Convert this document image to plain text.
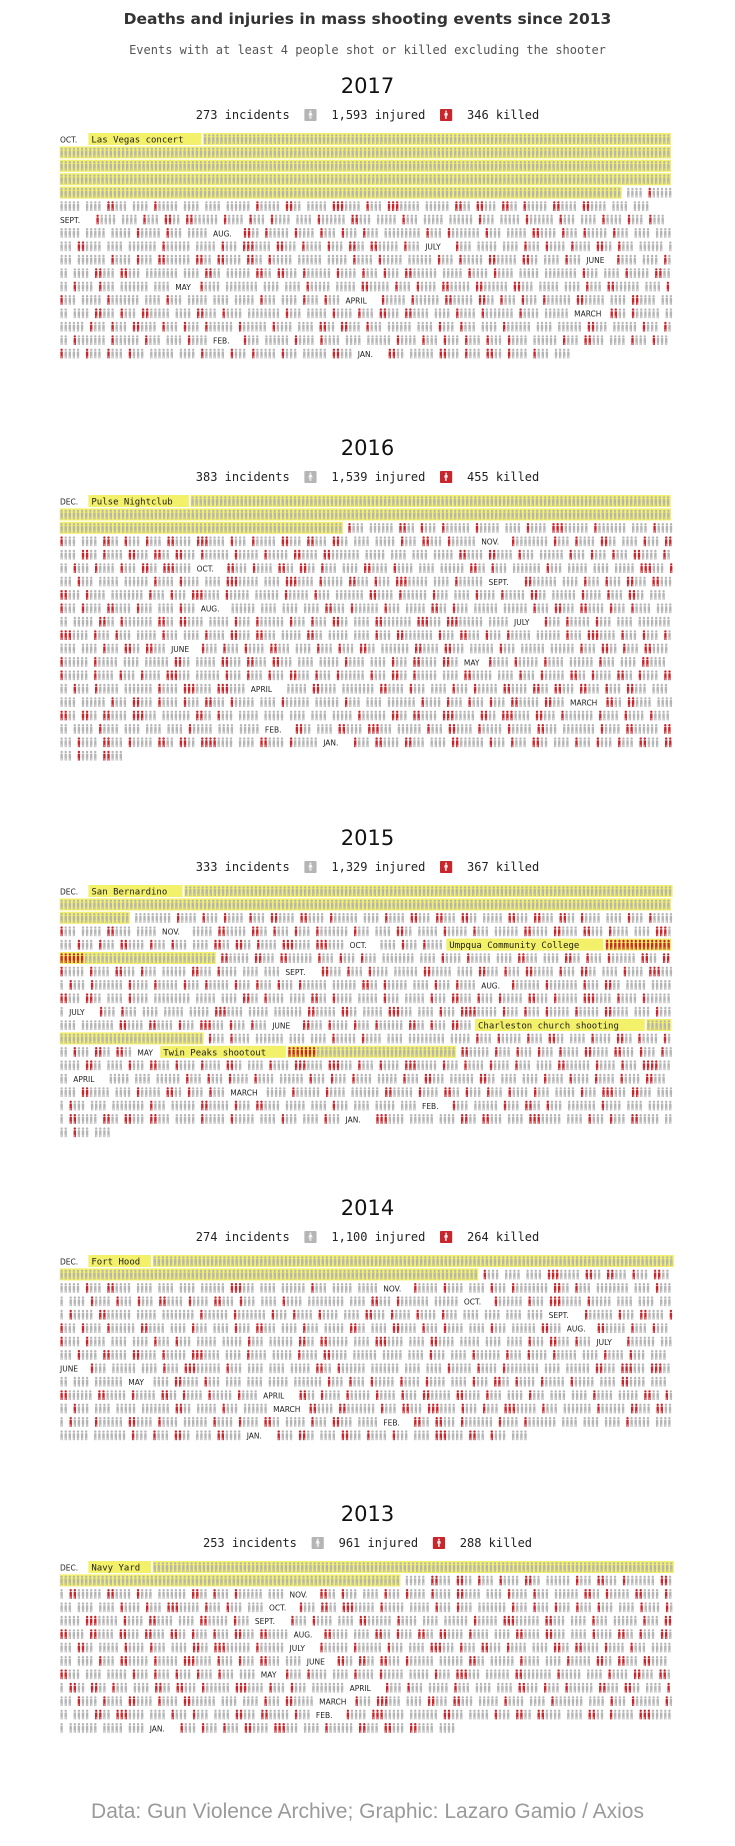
Deaths and injuries in mass shooting events since 2013
Events with at least 4 people shot or killed excluding the shooter
2017
273 incidents 🚹︎ 1,593 injured 🚹︎ 346 killed
OCT. Las Vegas concert
SEPT.
AUG.
JULY
JUNE
MAY
APRIL
MARCH
FEB.
JAN.
2016
383 incidents 🚹︎ 1,539 injured 🚹︎ 455 killed
DEC. Pulse Nightclub
NOV.
OCT.
SEPT.
AUG.
JULY
JUNE
MAY
APRIL
MARCH
FEB.
JAN.
2015
333 incidents 🚹︎ 1,329 injured 🚹︎ 367 killed
DEC. San Bernardino
NOV.
OCT.	Umpqua Community College
SEPT.
AUG.
JULY
JUNE	Charleston church shooting
MAY Twin Peaks shootout
APRIL
MARCH
FEB.
JAN.
2014
274 incidents 🚹︎ 1,100 injured 🚹︎ 264 killed
DEC. Fort Hood
NOV.
OCT.
SEPT.
AUG.
JULY
JUNE
MAY
APRIL
MARCH
FEB.
JAN.
2013
253 incidents 🚹︎ 961 injured 🚹︎ 288 killed
DEC. Navy Yard
NOV.
OCT.
SEPT.
AUG.
JULY
JUNE
MAY
APRIL
MARCH
FEB.
JAN.
Data: Gun Violence Archive; Graphic: Lazaro Gamio / Axios
